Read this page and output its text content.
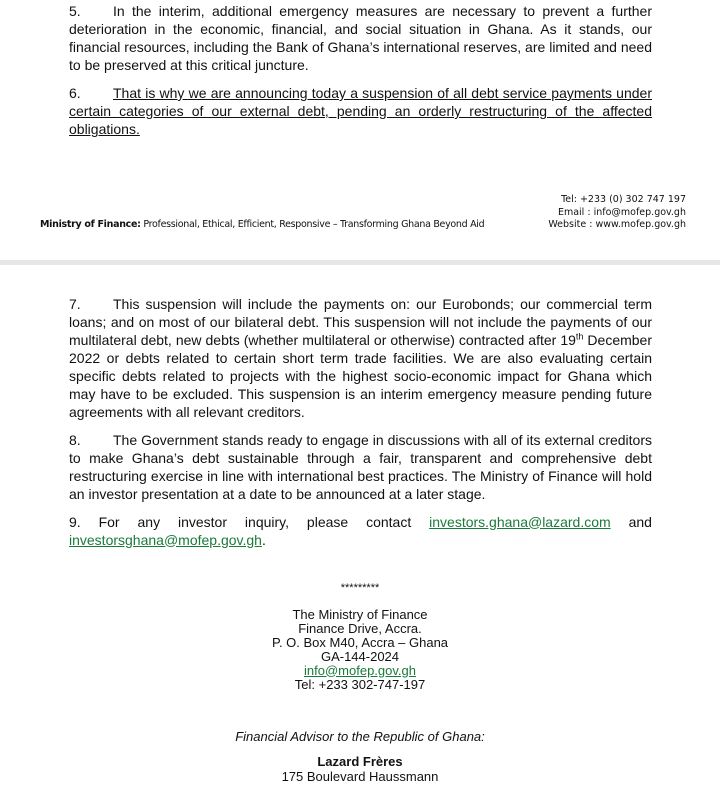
5. In the interim, additional emergency measures are necessary to prevent a further deterioration in the economic, financial, and social situation in Ghana. As it stands, our financial resources, including the Bank of Ghana’s international reserves, are limited and need to be preserved at this critical juncture.
6. That is why we are announcing today a suspension of all debt service payments under certain categories of our external debt, pending an orderly restructuring of the affected obligations.
Ministry of Finance: Professional, Ethical, Efficient, Responsive – Transforming Ghana Beyond Aid
Tel: +233 (0) 302 747 197
Email : info@mofep.gov.gh
Website : www.mofep.gov.gh
7. This suspension will include the payments on: our Eurobonds; our commercial term loans; and on most of our bilateral debt. This suspension will not include the payments of our multilateral debt, new debts (whether multilateral or otherwise) contracted after 19th December 2022 or debts related to certain short term trade facilities. We are also evaluating certain specific debts related to projects with the highest socio-economic impact for Ghana which may have to be excluded. This suspension is an interim emergency measure pending future agreements with all relevant creditors.
8. The Government stands ready to engage in discussions with all of its external creditors to make Ghana’s debt sustainable through a fair, transparent and comprehensive debt restructuring exercise in line with international best practices. The Ministry of Finance will hold an investor presentation at a date to be announced at a later stage.
9. For any investor inquiry, please contact investors.ghana@lazard.com and
investorsghana@mofep.gov.gh.
*********
The Ministry of Finance
Finance Drive, Accra.
P. O. Box M40, Accra – Ghana
GA-144-2024
info@mofep.gov.gh
Tel: +233 302-747-197
Financial Advisor to the Republic of Ghana:
Lazard Frères
175 Boulevard Haussmann
